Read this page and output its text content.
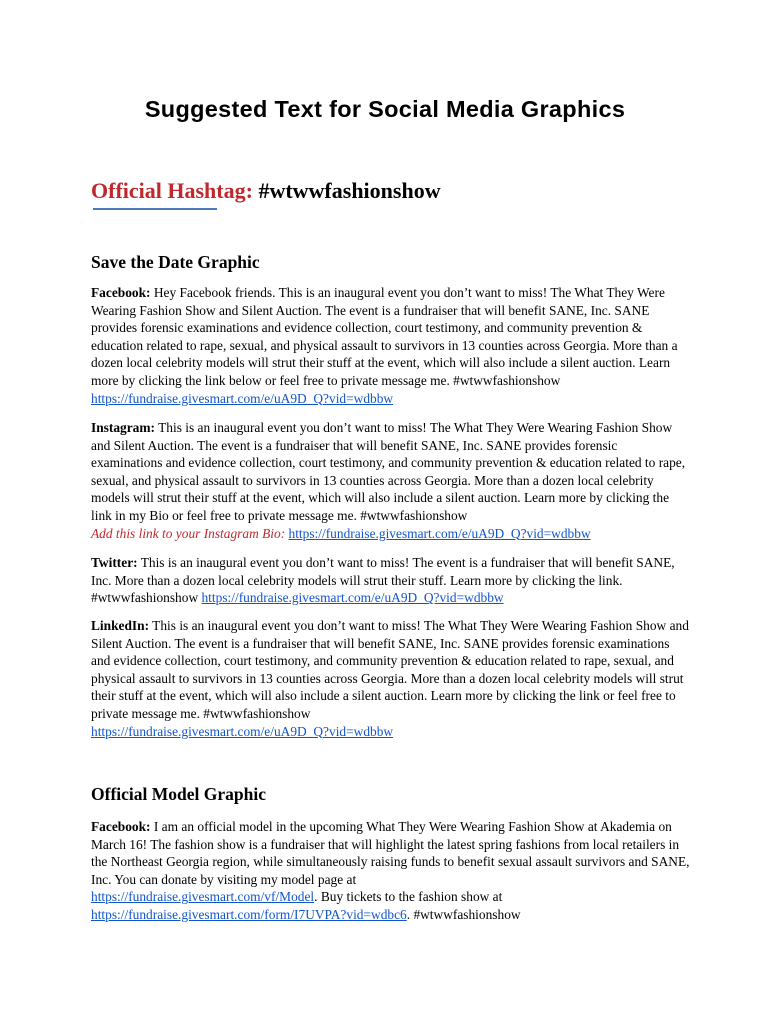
Suggested Text for Social Media Graphics

Official Hashtag: #wtwwfashionshow

Save the Date Graphic

Facebook: Hey Facebook friends. This is an inaugural event you don’t want to miss! The What They Were Wearing Fashion Show and Silent Auction. The event is a fundraiser that will benefit SANE, Inc. SANE provides forensic examinations and evidence collection, court testimony, and community prevention & education related to rape, sexual, and physical assault to survivors in 13 counties across Georgia. More than a dozen local celebrity models will strut their stuff at the event, which will also include a silent auction. Learn more by clicking the link below or feel free to private message me. #wtwwfashionshow https://fundraise.givesmart.com/e/uA9D_Q?vid=wdbbw

Instagram: This is an inaugural event you don’t want to miss! The What They Were Wearing Fashion Show and Silent Auction. The event is a fundraiser that will benefit SANE, Inc. SANE provides forensic examinations and evidence collection, court testimony, and community prevention & education related to rape, sexual, and physical assault to survivors in 13 counties across Georgia. More than a dozen local celebrity models will strut their stuff at the event, which will also include a silent auction. Learn more by clicking the link in my Bio or feel free to private message me. #wtwwfashionshow
Add this link to your Instagram Bio: https://fundraise.givesmart.com/e/uA9D_Q?vid=wdbbw

Twitter: This is an inaugural event you don’t want to miss! The event is a fundraiser that will benefit SANE, Inc. More than a dozen local celebrity models will strut their stuff. Learn more by clicking the link. #wtwwfashionshow https://fundraise.givesmart.com/e/uA9D_Q?vid=wdbbw

LinkedIn: This is an inaugural event you don’t want to miss! The What They Were Wearing Fashion Show and Silent Auction. The event is a fundraiser that will benefit SANE, Inc. SANE provides forensic examinations and evidence collection, court testimony, and community prevention & education related to rape, sexual, and physical assault to survivors in 13 counties across Georgia. More than a dozen local celebrity models will strut their stuff at the event, which will also include a silent auction. Learn more by clicking the link or feel free to private message me. #wtwwfashionshow
https://fundraise.givesmart.com/e/uA9D_Q?vid=wdbbw

Official Model Graphic

Facebook: I am an official model in the upcoming What They Were Wearing Fashion Show at Akademia on March 16! The fashion show is a fundraiser that will highlight the latest spring fashions from local retailers in the Northeast Georgia region, while simultaneously raising funds to benefit sexual assault survivors and SANE, Inc. You can donate by visiting my model page at
https://fundraise.givesmart.com/vf/Model. Buy tickets to the fashion show at
https://fundraise.givesmart.com/form/I7UVPA?vid=wdbc6. #wtwwfashionshow
